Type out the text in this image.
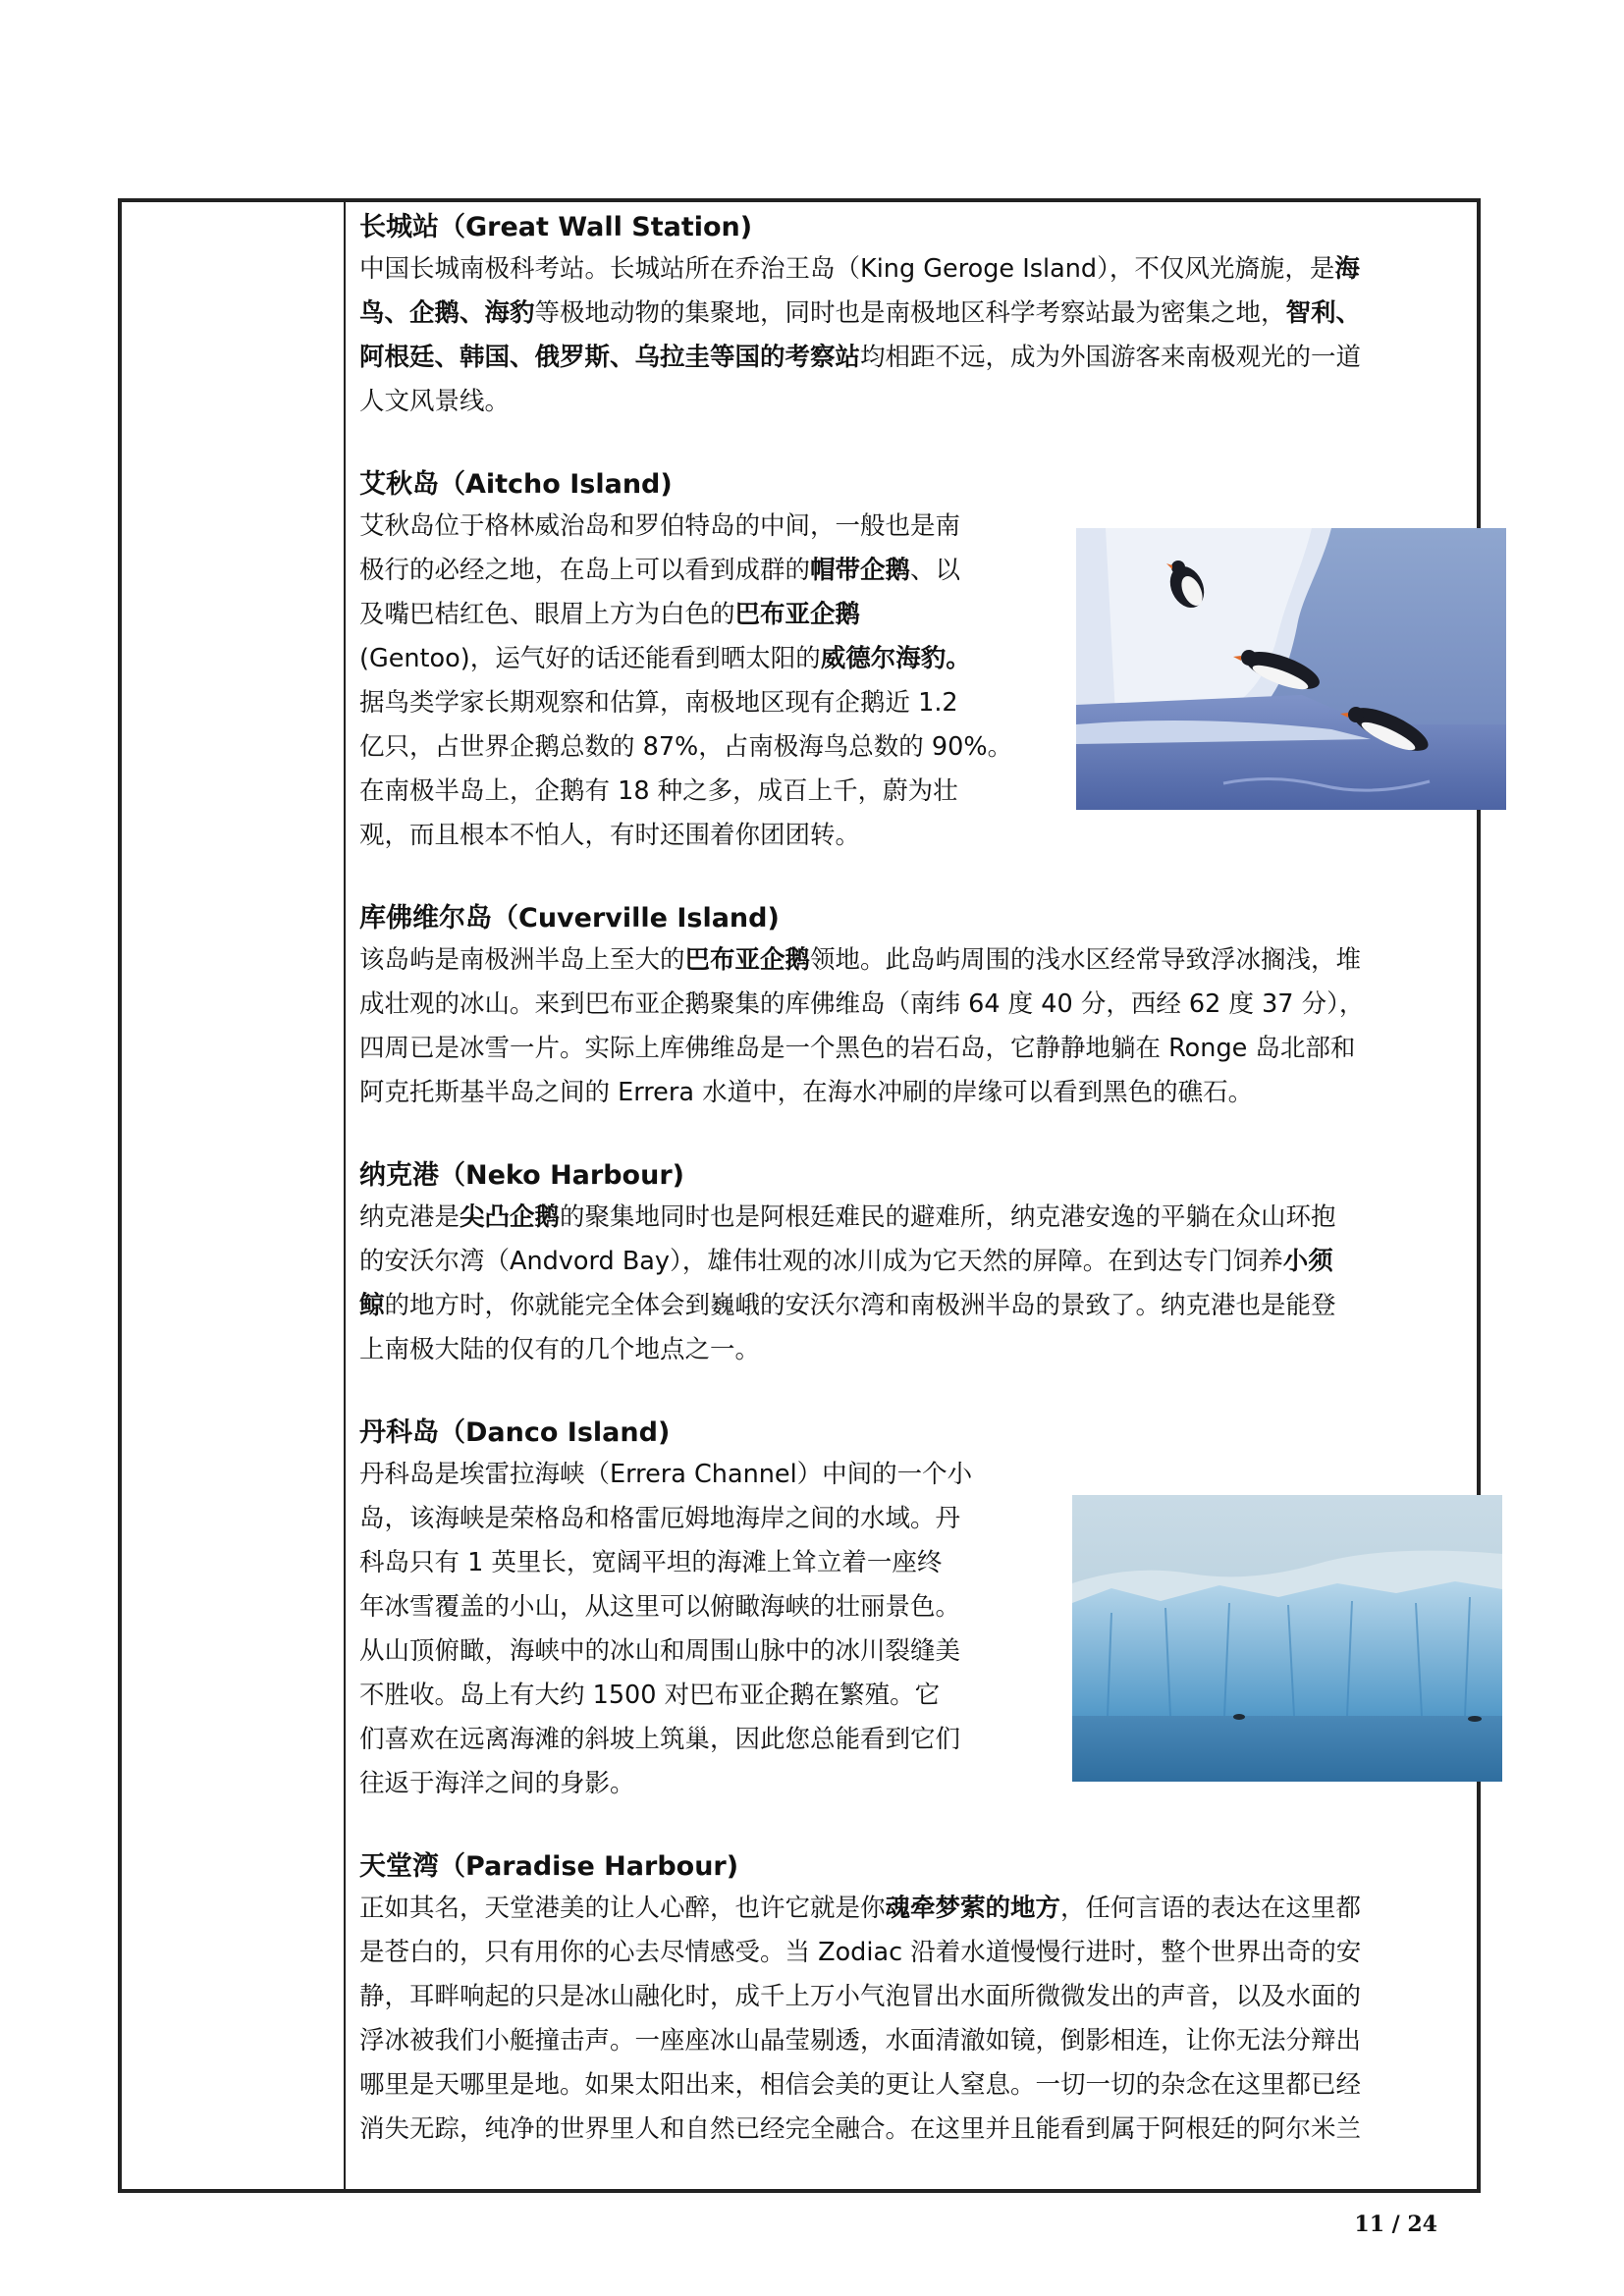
长城站（Great Wall Station)
中国长城南极科考站。长城站所在乔治王岛（King Geroge Island），不仅风光旖旎，是海
鸟、企鹅、海豹等极地动物的集聚地，同时也是南极地区科学考察站最为密集之地，智利、
阿根廷、韩国、俄罗斯、乌拉圭等国的考察站均相距不远，成为外国游客来南极观光的一道
人文风景线。
艾秋岛（Aitcho Island)
艾秋岛位于格林威治岛和罗伯特岛的中间，一般也是南
极行的必经之地，在岛上可以看到成群的帽带企鹅、以
及嘴巴桔红色、眼眉上方为白色的巴布亚企鹅
(Gentoo)，运气好的话还能看到晒太阳的威德尔海豹。
据鸟类学家长期观察和估算，南极地区现有企鹅近 1.2
亿只，占世界企鹅总数的 87%，占南极海鸟总数的 90%。
在南极半岛上，企鹅有 18 种之多，成百上千，蔚为壮
观，而且根本不怕人，有时还围着你团团转。
库佛维尔岛（Cuverville Island)
该岛屿是南极洲半岛上至大的巴布亚企鹅领地。此岛屿周围的浅水区经常导致浮冰搁浅，堆
成壮观的冰山。来到巴布亚企鹅聚集的库佛维岛（南纬 64 度 40 分，西经 62 度 37 分），
四周已是冰雪一片。实际上库佛维岛是一个黑色的岩石岛，它静静地躺在 Ronge 岛北部和
阿克托斯基半岛之间的 Errera 水道中，在海水冲刷的岸缘可以看到黑色的礁石。
纳克港（Neko Harbour)
纳克港是尖凸企鹅的聚集地同时也是阿根廷难民的避难所，纳克港安逸的平躺在众山环抱
的安沃尔湾（Andvord Bay），雄伟壮观的冰川成为它天然的屏障。在到达专门饲养小须
鲸的地方时，你就能完全体会到巍峨的安沃尔湾和南极洲半岛的景致了。纳克港也是能登
上南极大陆的仅有的几个地点之一。
丹科岛（Danco Island)
丹科岛是埃雷拉海峡（Errera Channel）中间的一个小
岛，该海峡是荣格岛和格雷厄姆地海岸之间的水域。丹
科岛只有 1 英里长，宽阔平坦的海滩上耸立着一座终
年冰雪覆盖的小山，从这里可以俯瞰海峡的壮丽景色。
从山顶俯瞰，海峡中的冰山和周围山脉中的冰川裂缝美
不胜收。岛上有大约 1500 对巴布亚企鹅在繁殖。它
们喜欢在远离海滩的斜坡上筑巢，因此您总能看到它们
往返于海洋之间的身影。
天堂湾（Paradise Harbour)
正如其名，天堂港美的让人心醉，也许它就是你魂牵梦萦的地方，任何言语的表达在这里都
是苍白的，只有用你的心去尽情感受。当 Zodiac 沿着水道慢慢行进时，整个世界出奇的安
静，耳畔响起的只是冰山融化时，成千上万小气泡冒出水面所微微发出的声音，以及水面的
浮冰被我们小艇撞击声。一座座冰山晶莹剔透，水面清澈如镜，倒影相连，让你无法分辩出
哪里是天哪里是地。如果太阳出来，相信会美的更让人窒息。一切一切的杂念在这里都已经
消失无踪，纯净的世界里人和自然已经完全融合。在这里并且能看到属于阿根廷的阿尔米兰
11 / 24
